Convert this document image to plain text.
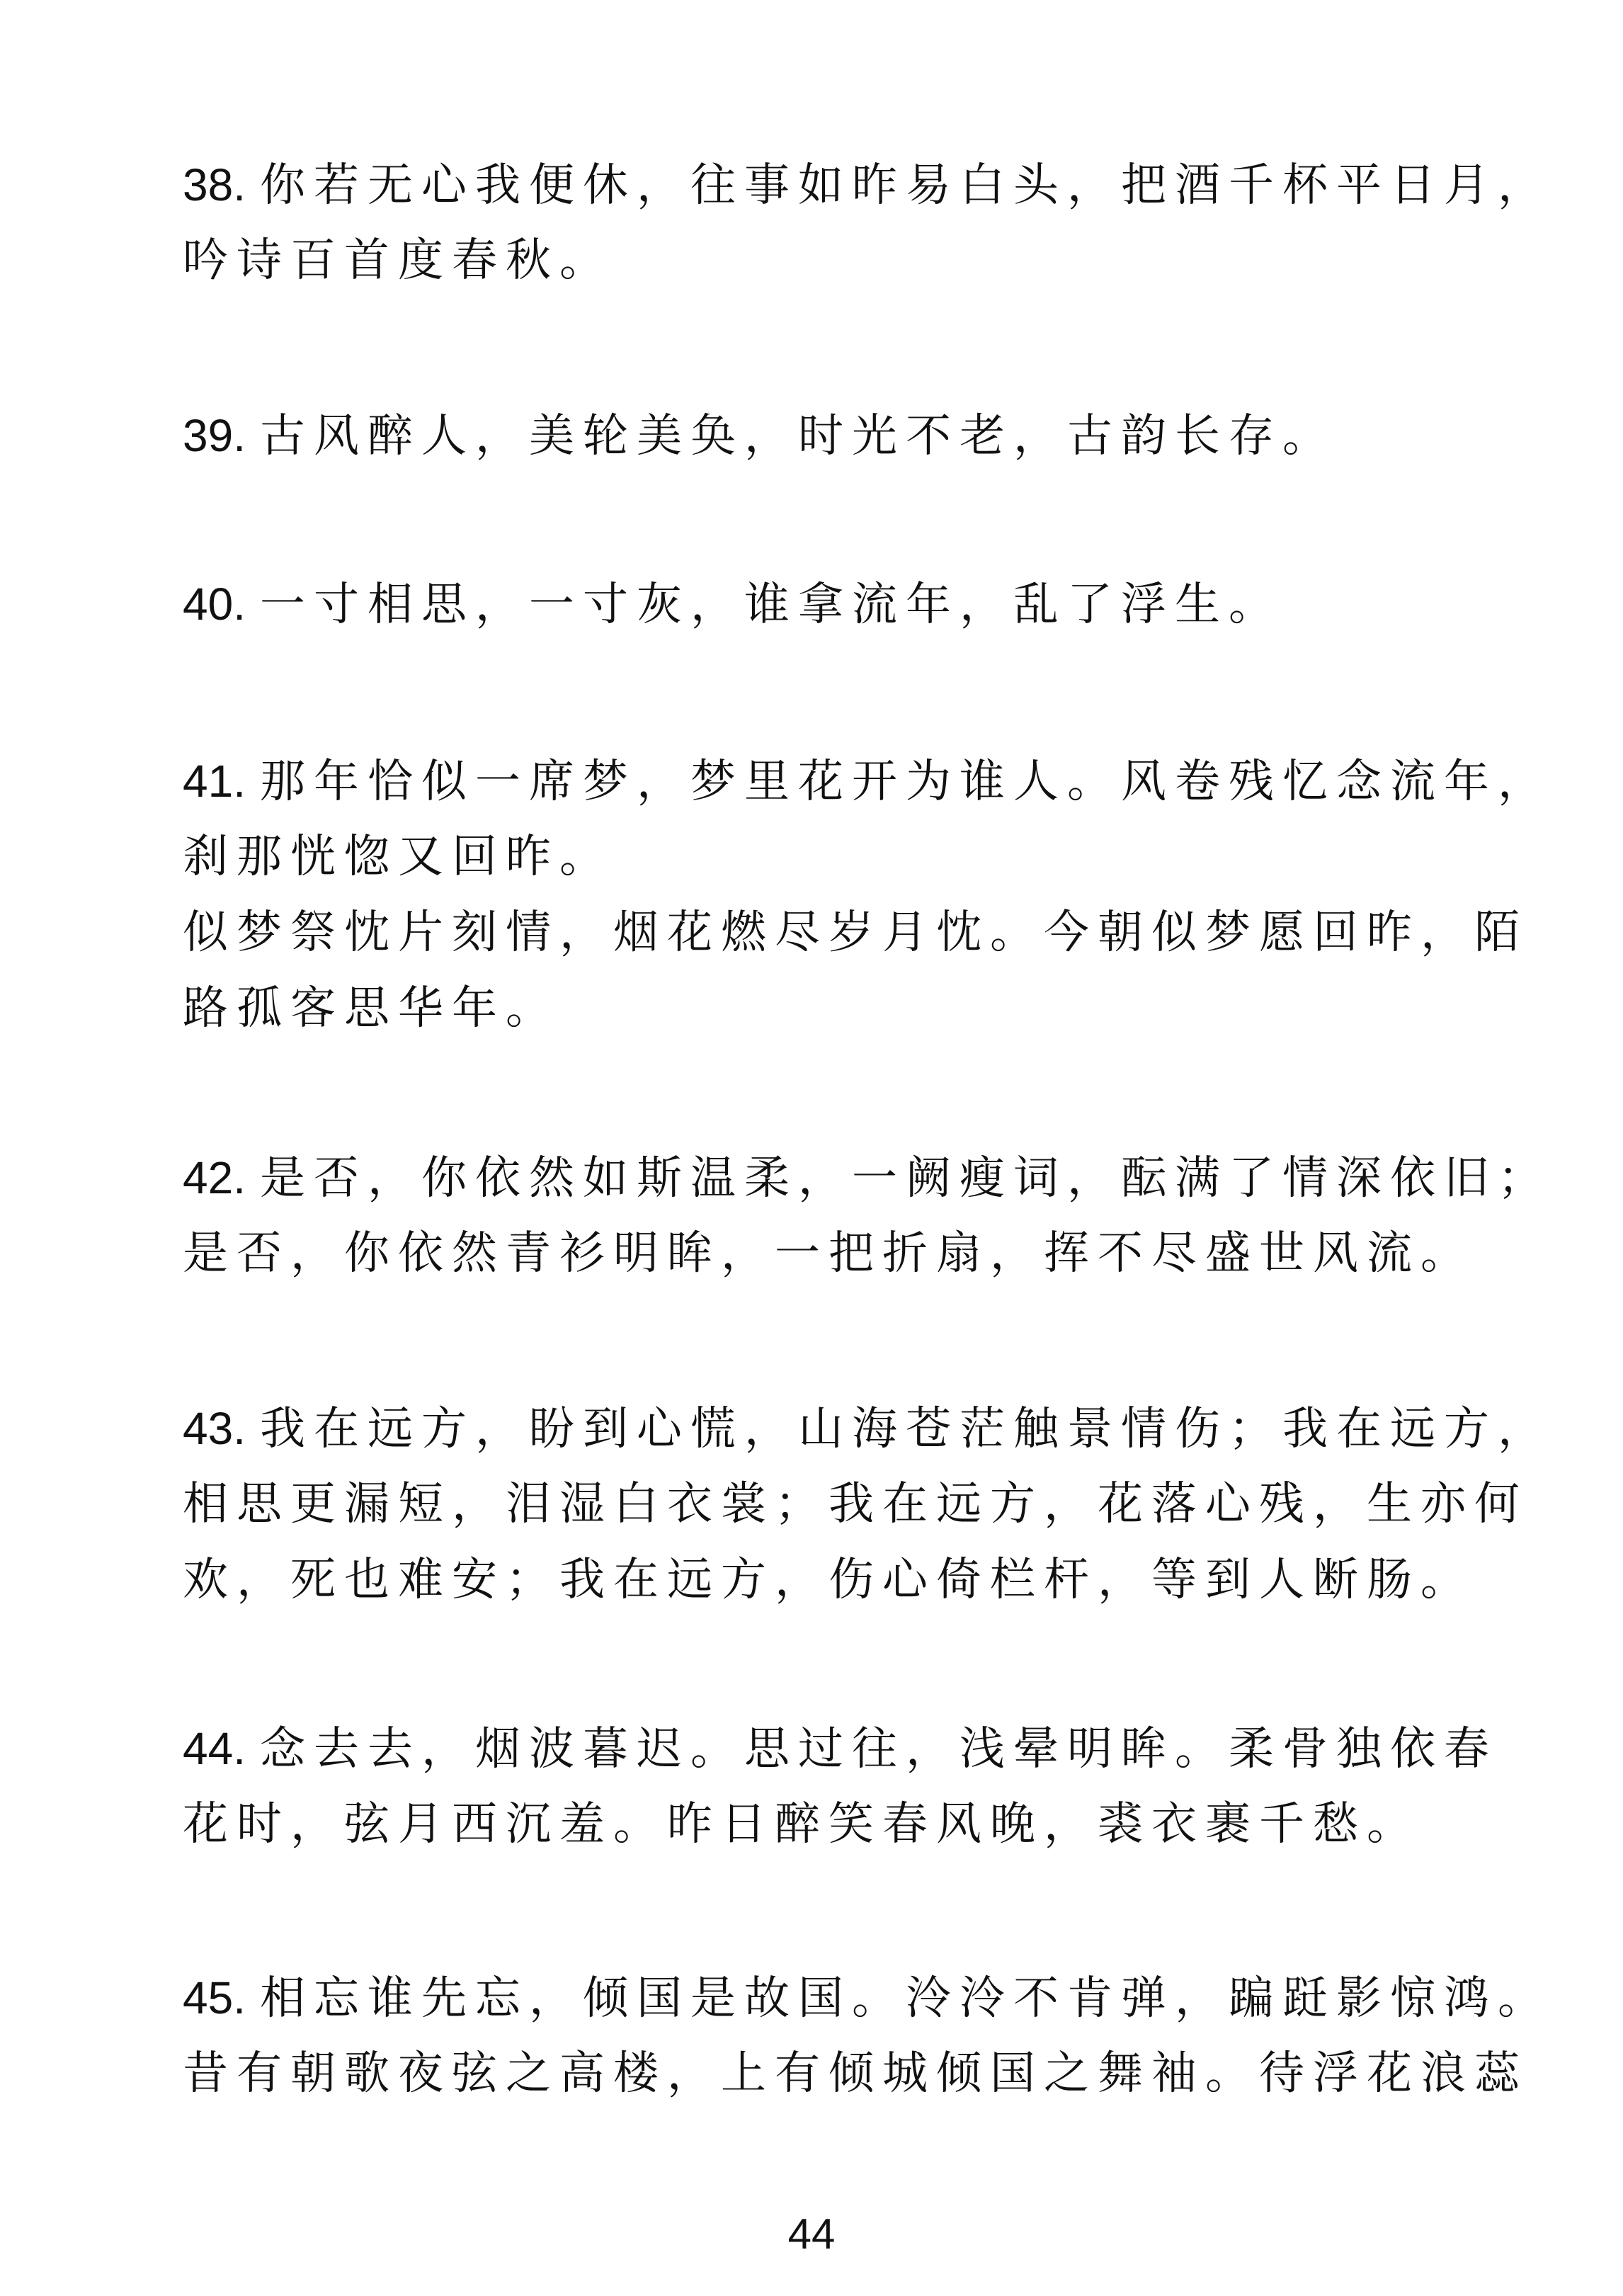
38. 你若无心我便休，往事如昨易白头，把酒千杯平日月，
吟诗百首度春秋。
39. 古风醉人，美轮美奂，时光不老，古韵长存。
40. 一寸相思，一寸灰，谁拿流年，乱了浮生。
41. 那年恰似一席梦，梦里花开为谁人。风卷残忆念流年，
刹那恍惚又回昨。
似梦祭忱片刻情，烟花燃尽岁月忱。今朝似梦愿回昨，陌
路孤客思华年。
42. 是否，你依然如斯温柔，一阙瘦词，酝满了情深依旧；
是否，你依然青衫明眸，一把折扇，挥不尽盛世风流。
43. 我在远方，盼到心慌，山海苍茫触景情伤；我在远方，
相思更漏短，泪湿白衣裳；我在远方，花落心残，生亦何
欢，死也难安；我在远方，伤心倚栏杆，等到人断肠。
44. 念去去，烟波暮迟。思过往，浅晕明眸。柔骨独依春
花时，弦月西沉羞。昨日醉笑春风晚，裘衣裹千愁。
45. 相忘谁先忘，倾国是故国。泠泠不肯弹，蹁跹影惊鸿。
昔有朝歌夜弦之高楼，上有倾城倾国之舞袖。待浮花浪蕊
44
